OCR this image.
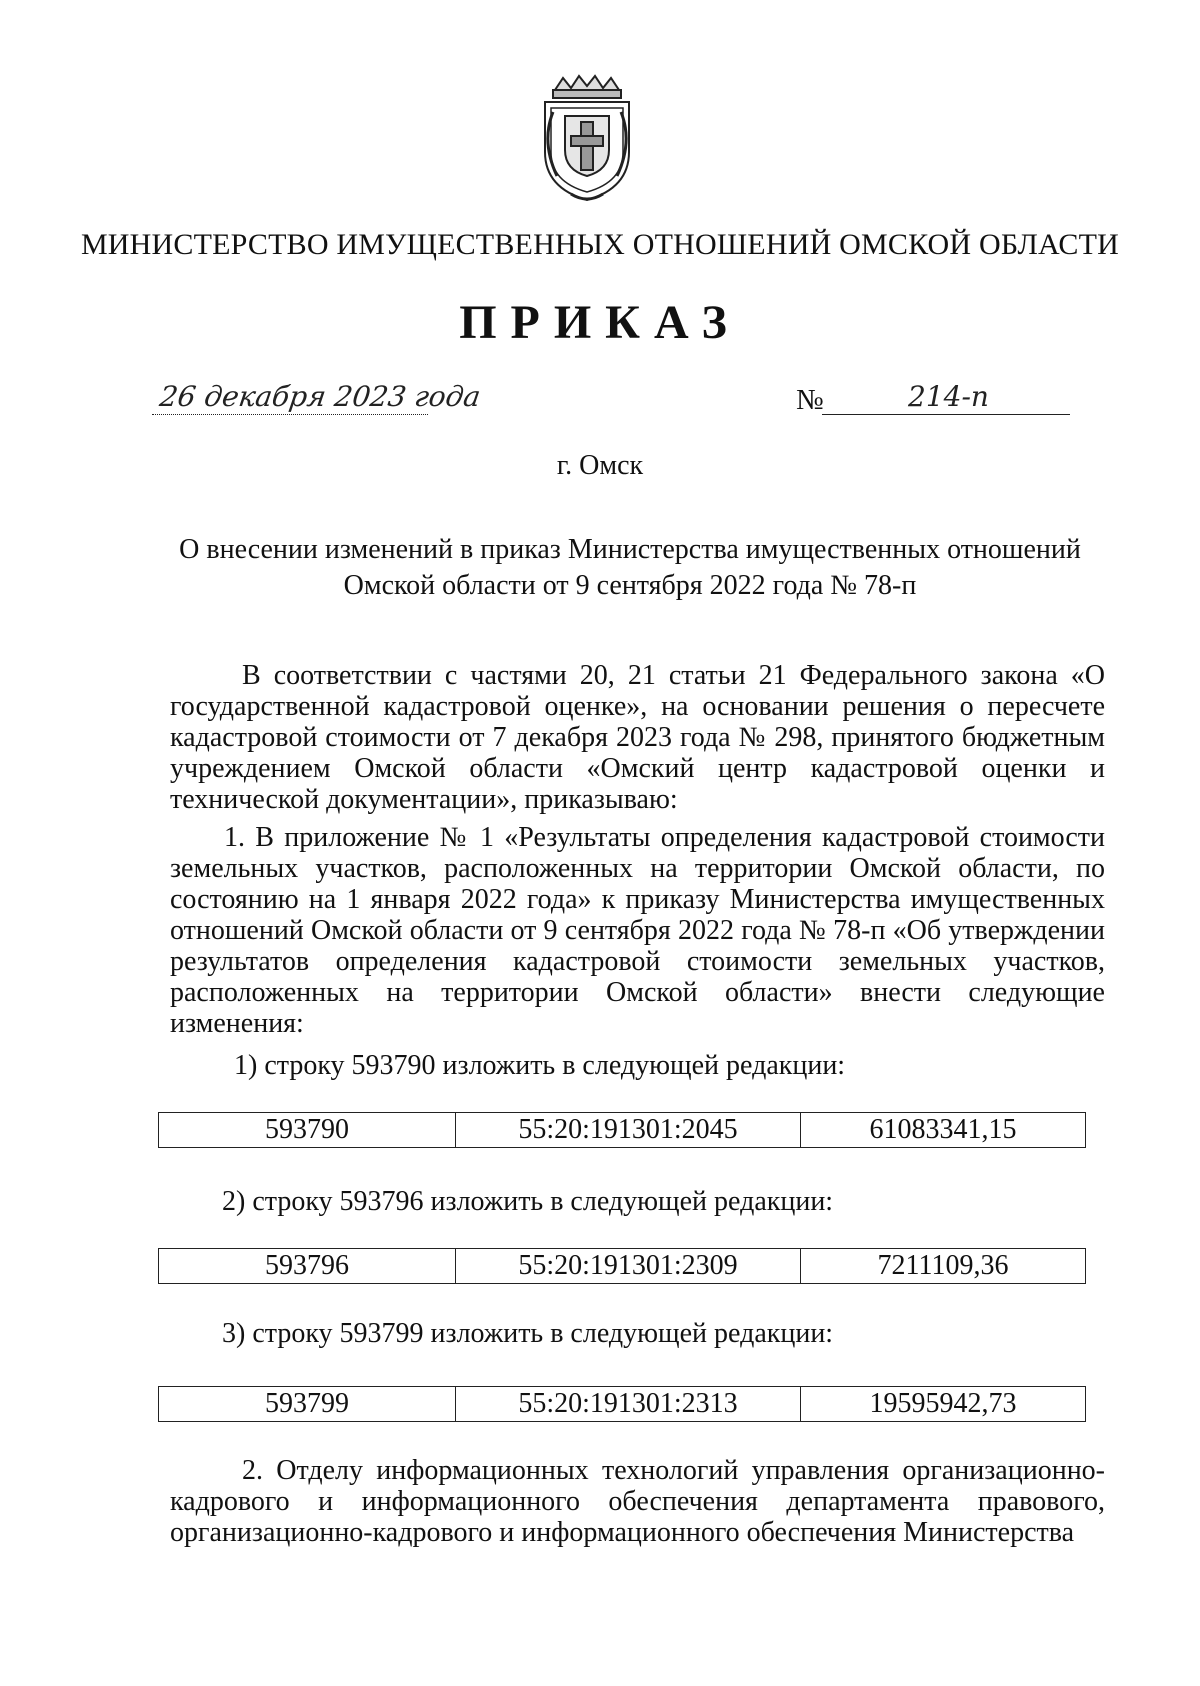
МИНИСТЕРСТВО ИМУЩЕСТВЕННЫХ ОТНОШЕНИЙ ОМСКОЙ ОБЛАСТИ
ПРИКАЗ
26 декабря 2023 года	№	214-п
г. Омск
О внесении изменений в приказ Министерства имущественных отношений
Омской области от 9 сентября 2022 года № 78-п
В соответствии с частями 20, 21 статьи 21 Федерального закона «О государственной кадастровой оценке», на основании решения о пересчете кадастровой стоимости от 7 декабря 2023 года № 298, принятого бюджетным учреждением Омской области «Омский центр кадастровой оценки и технической документации», приказываю:
1. В приложение № 1 «Результаты определения кадастровой стоимости земельных участков, расположенных на территории Омской области, по состоянию на 1 января 2022 года» к приказу Министерства имущественных отношений Омской области от 9 сентября 2022 года № 78-п «Об утверждении результатов определения кадастровой стоимости земельных участков, расположенных на территории Омской области» внести следующие изменения:
1) строку 593790 изложить в следующей редакции:
593790	55:20:191301:2045	61083341,15
2) строку 593796 изложить в следующей редакции:
593796	55:20:191301:2309	7211109,36
3) строку 593799 изложить в следующей редакции:
593799	55:20:191301:2313	19595942,73
2. Отделу информационных технологий управления организационно-кадрового и информационного обеспечения департамента правового, организационно-кадрового и информационного обеспечения Министерства
